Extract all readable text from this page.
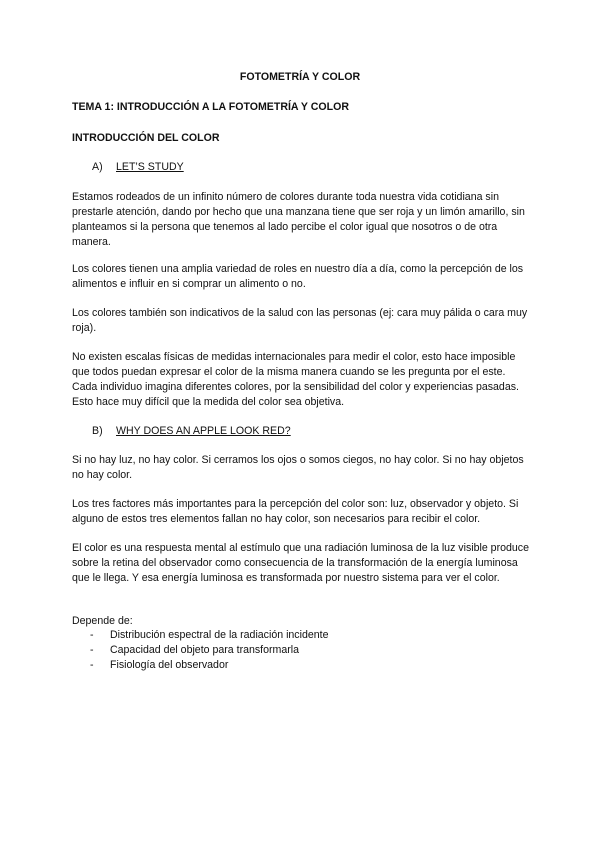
FOTOMETRÍA Y COLOR

TEMA 1: INTRODUCCIÓN A LA FOTOMETRÍA Y COLOR

INTRODUCCIÓN DEL COLOR

A) LET’S STUDY

Estamos rodeados de un infinito número de colores durante toda nuestra vida cotidiana sin prestarle atención, dando por hecho que una manzana tiene que ser roja y un limón amarillo, sin planteamos si la persona que tenemos al lado percibe el color igual que nosotros o de otra manera.

Los colores tienen una amplia variedad de roles en nuestro día a día, como la percepción de los alimentos e influir en si comprar un alimento o no.

Los colores también son indicativos de la salud con las personas (ej: cara muy pálida o cara muy roja).

No existen escalas físicas de medidas internacionales para medir el color, esto hace imposible que todos puedan expresar el color de la misma manera cuando se les pregunta por el este. Cada individuo imagina diferentes colores, por la sensibilidad del color y experiencias pasadas. Esto hace muy difícil que la medida del color sea objetiva.

B) WHY DOES AN APPLE LOOK RED?

Si no hay luz, no hay color. Si cerramos los ojos o somos ciegos, no hay color. Si no hay objetos no hay color.

Los tres factores más importantes para la percepción del color son: luz, observador y objeto. Si alguno de estos tres elementos fallan no hay color, son necesarios para recibir el color.

El color es una respuesta mental al estímulo que una radiación luminosa de la luz visible produce sobre la retina del observador como consecuencia de la transformación de la energía luminosa que le llega. Y esa energía luminosa es transformada por nuestro sistema para ver el color.

Depende de:

- Distribución espectral de la radiación incidente
- Capacidad del objeto para transformarla
- Fisiología del observador
